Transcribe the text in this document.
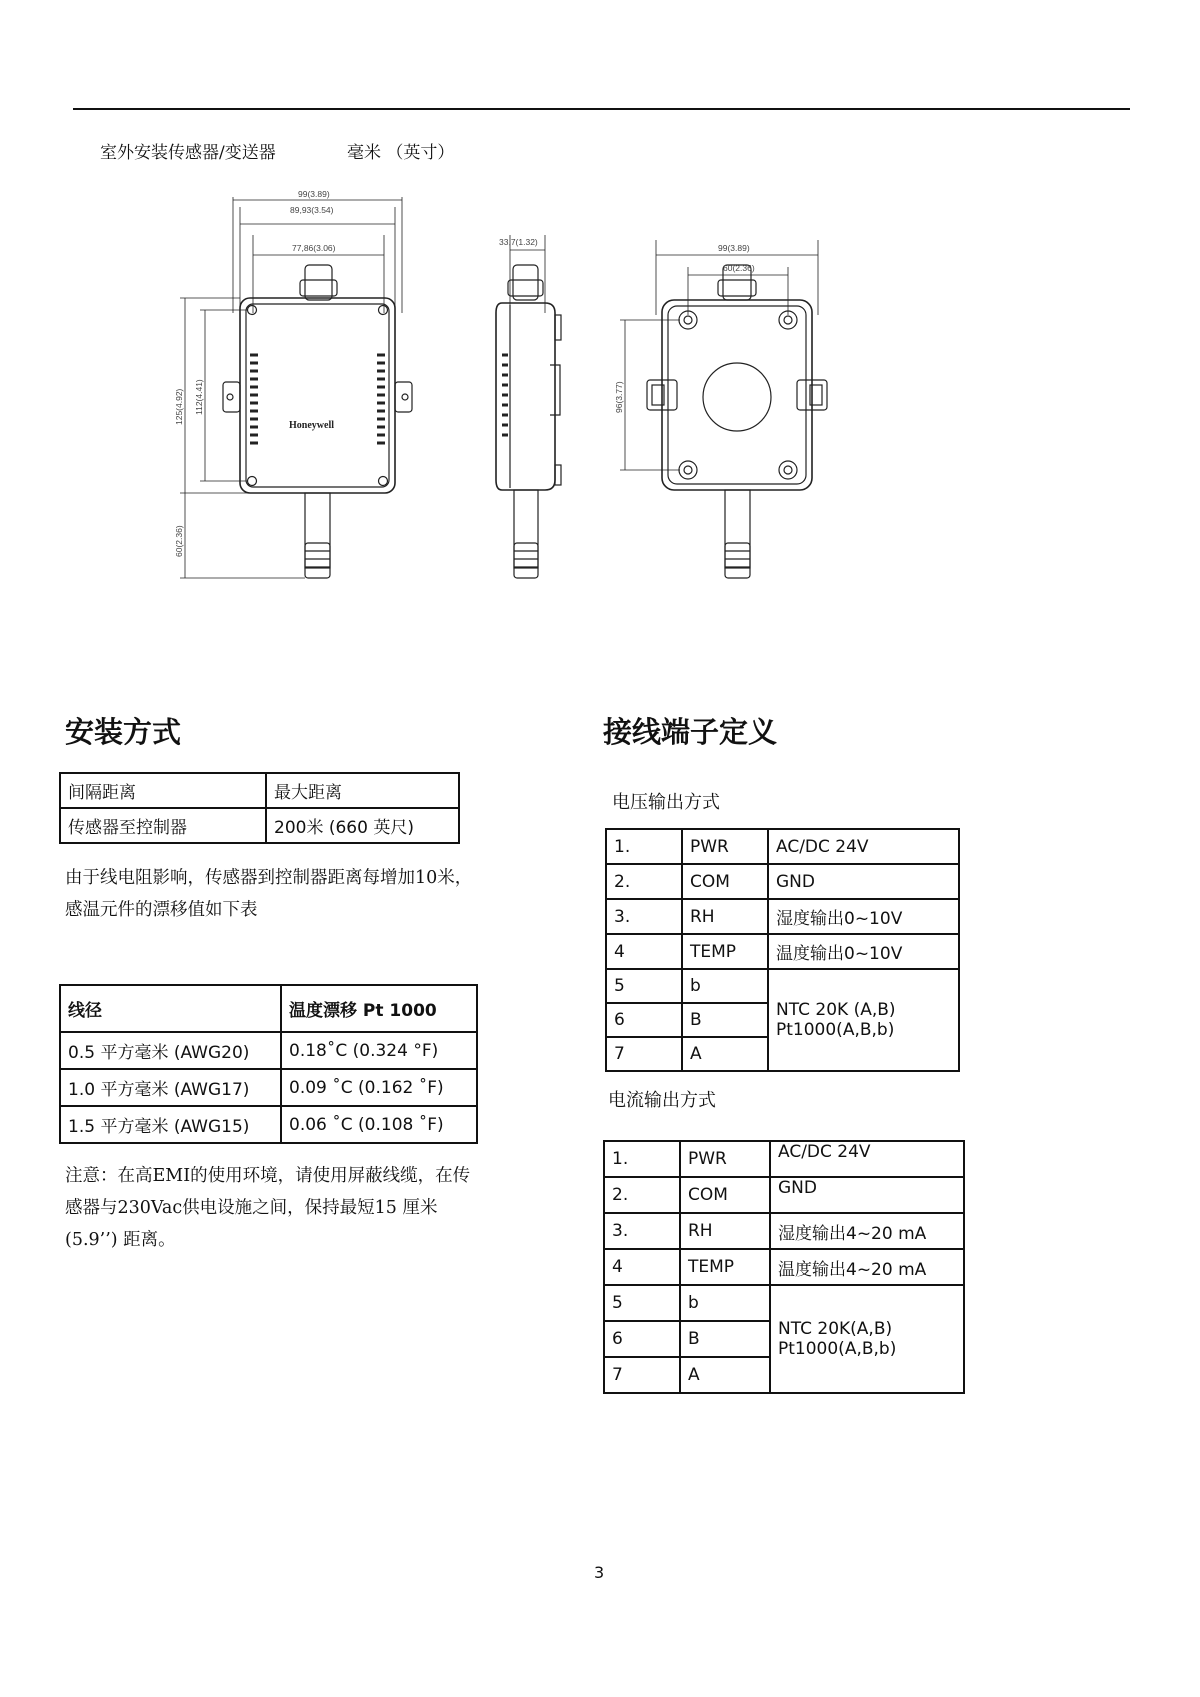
室外安装传感器/变送器	毫米 （英寸）
99(3.89)
89,93(3.54)
77,86(3.06)
125(4.92) 112(4.41)
60(2.36)
33,7(1.32)
99(3.89)
60(2.36)
96(3.77)
Honeywell
安装方式
间隔距离	最大距离
传感器至控制器	200米 (660 英尺)
由于线电阻影响，传感器到控制器距离每增加10米，
感温元件的漂移值如下表
线径	温度漂移 Pt 1000
0.5 平方毫米 (AWG20)	0.18˚C (0.324 °F)
1.0 平方毫米 (AWG17)	0.09 ˚C (0.162 ˚F)
1.5 平方毫米 (AWG15)	0.06 ˚C (0.108 ˚F)
注意：在高EMI的使用环境，请使用屏蔽线缆，在传
感器与230Vac供电设施之间，保持最短15 厘米
(5.9’’) 距离。
接线端子定义
电压输出方式
1.	PWR	AC/DC 24V
2.	COM	GND
3.	RH	湿度输出0~10V
4	TEMP	温度输出0~10V
5	b	NTC 20K (A,B)
Pt1000(A,B,b)

6	B	
7	A	
电流输出方式
1.	PWR	AC/DC 24V
2.	COM	GND
3.	RH	湿度输出4~20 mA
4	TEMP	温度输出4~20 mA
5	b	NTC 20K(A,B)
Pt1000(A,B,b)

6	B	
7	A	
3
